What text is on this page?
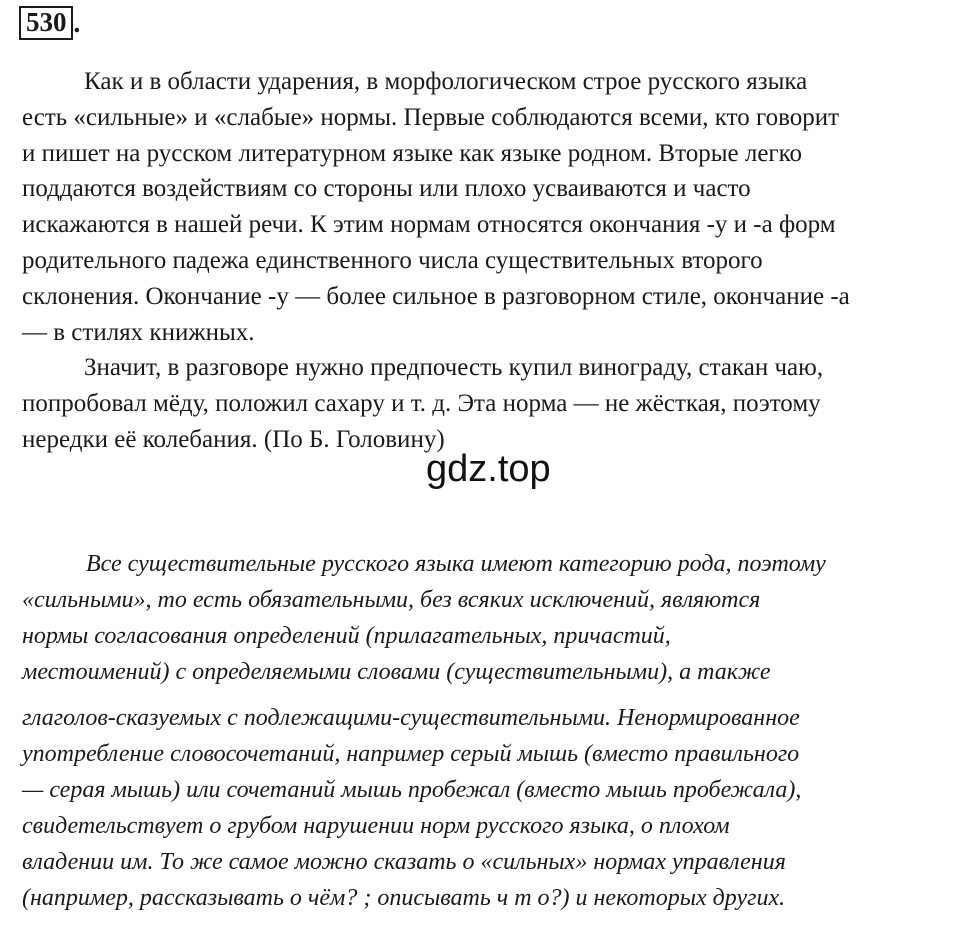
530 .
Как и в области ударения, в морфологическом строе русского языка
есть «сильные» и «слабые» нормы. Первые соблюдаются всеми, кто говорит
и пишет на русском литературном языке как языке родном. Вторые легко
поддаются воздействиям со стороны или плохо усваиваются и часто
искажаются в нашей речи. К этим нормам относятся окончания -у и -а форм
родительного падежа единственного числа существительных второго
склонения. Окончание -у — более сильное в разговорном стиле, окончание -а
— в стилях книжных.
Значит, в разговоре нужно предпочесть купил винограду, стакан чаю,
попробовал мёду, положил сахару и т. д. Эта норма — не жёсткая, поэтому
нередки её колебания. (По Б. Головину)
gdz.top
Все существительные русского языка имеют категорию рода, поэтому
«сильными», то есть обязательными, без всяких исключений, являются
нормы согласования определений (прилагательных, причастий,
местоимений) с определяемыми словами (существительными), а также
глаголов-сказуемых с подлежащими-существительными. Ненормированное
употребление словосочетаний, например серый мышь (вместо правильного
— серая мышь) или сочетаний мышь пробежал (вместо мышь пробежала),
свидетельствует о грубом нарушении норм русского языка, о плохом
владении им. То же самое можно сказать о «сильных» нормах управления
(например, рассказывать о чём? ; описывать ч т о?) и некоторых других.
